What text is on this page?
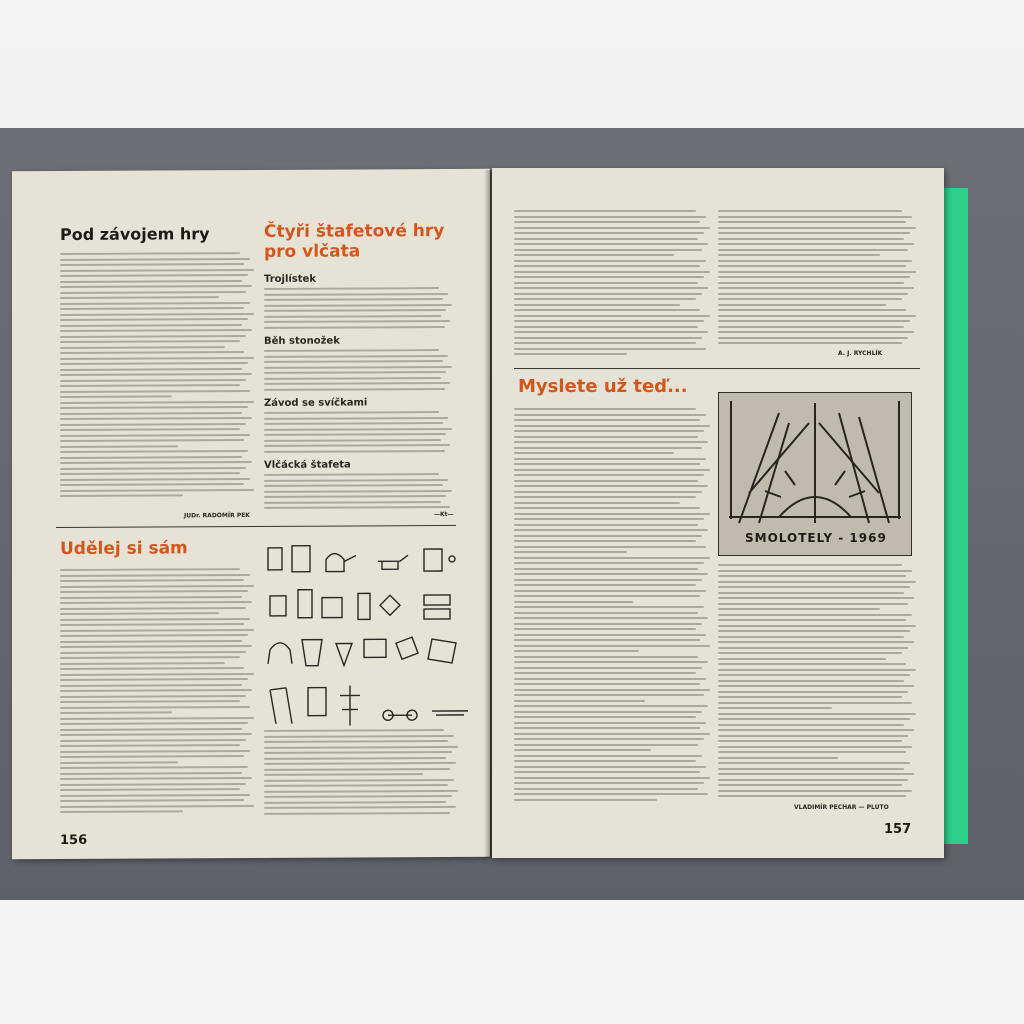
Pod závojem hry
JUDr. RADOMÍR PEK
Čtyři štafetové hry
pro vlčata
Trojlístek
Běh stonožek
Závod se svíčkami
Vlčácká štafeta
—Kt—
Udělej si sám
156
A. J. RYCHLÍK
Myslete už teď...
SMOLOTELY - 1969
VLADIMÍR PECHAR — PLUTO
157
